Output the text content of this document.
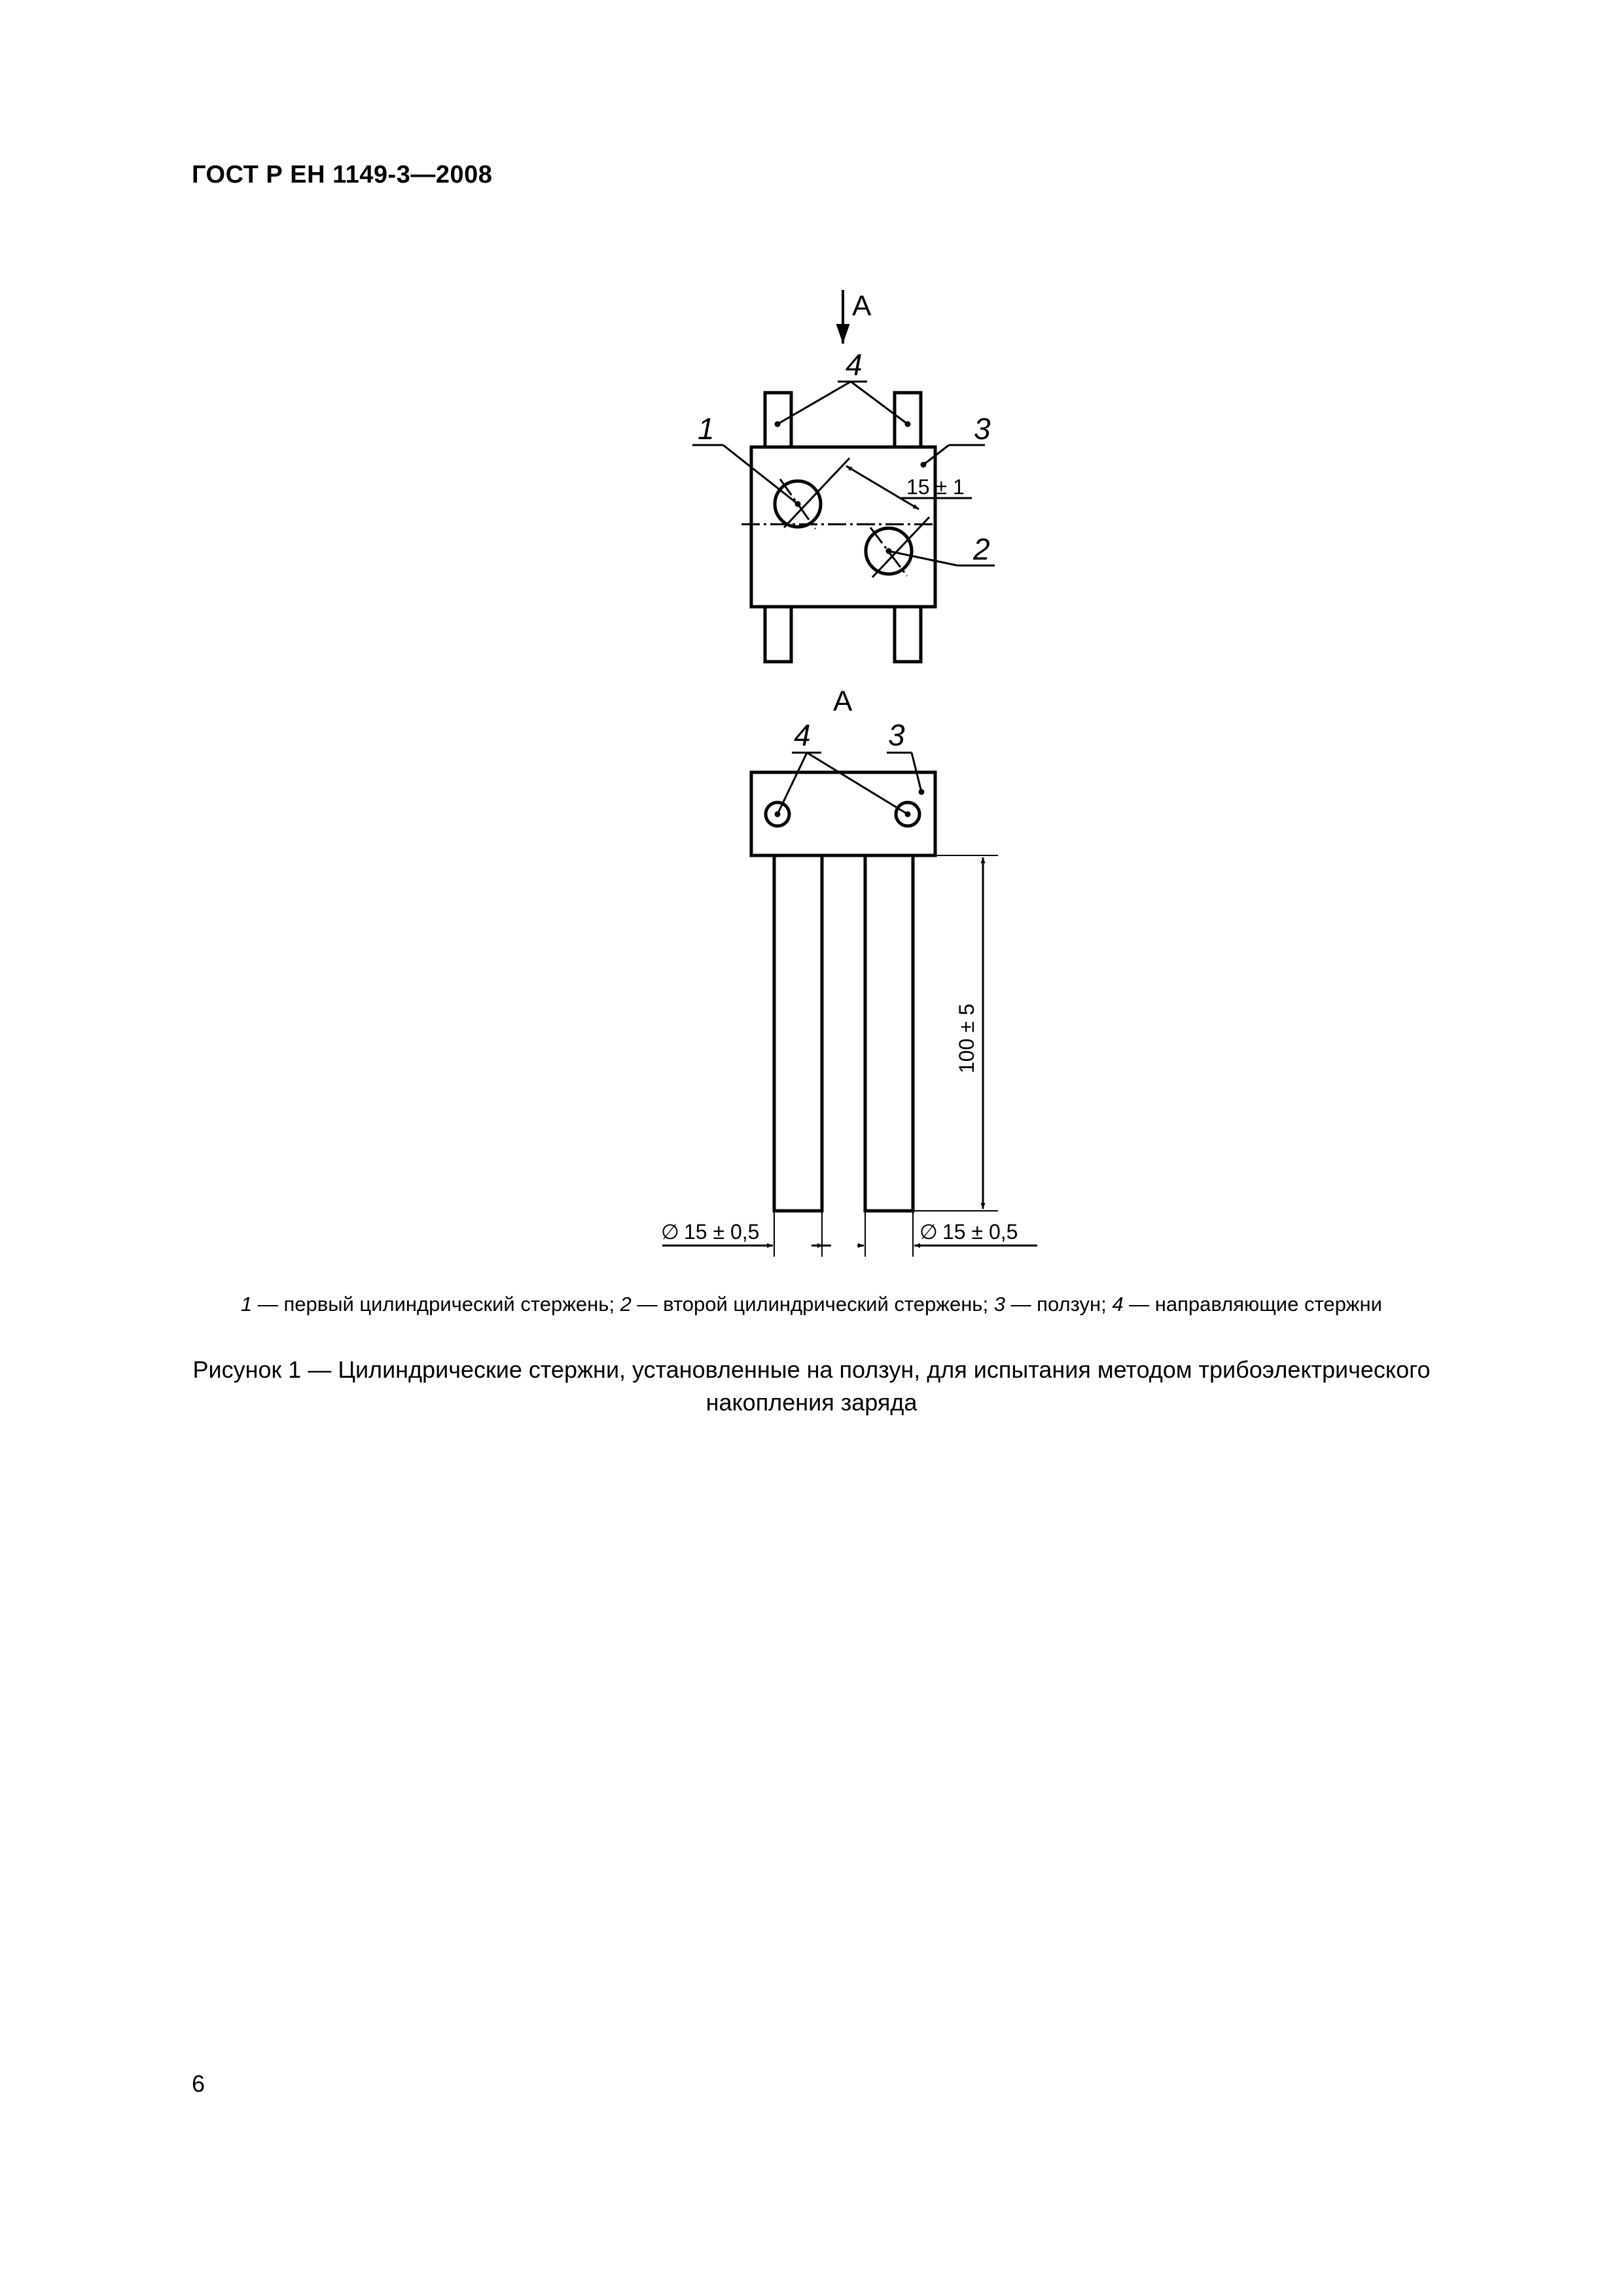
ГОСТ Р ЕН 1149-3—2008
A
4
1	3
15 ± 1
2
A
4	3
100 ± 5
∅ 15 ± 0,5	∅ 15 ± 0,5
1 — первый цилиндрический стержень; 2 — второй цилиндрический стержень; 3 — ползун; 4 — направляющие стержни
Рисунок 1 — Цилиндрические стержни, установленные на ползун, для испытания методом трибоэлектрического
накопления заряда
6
